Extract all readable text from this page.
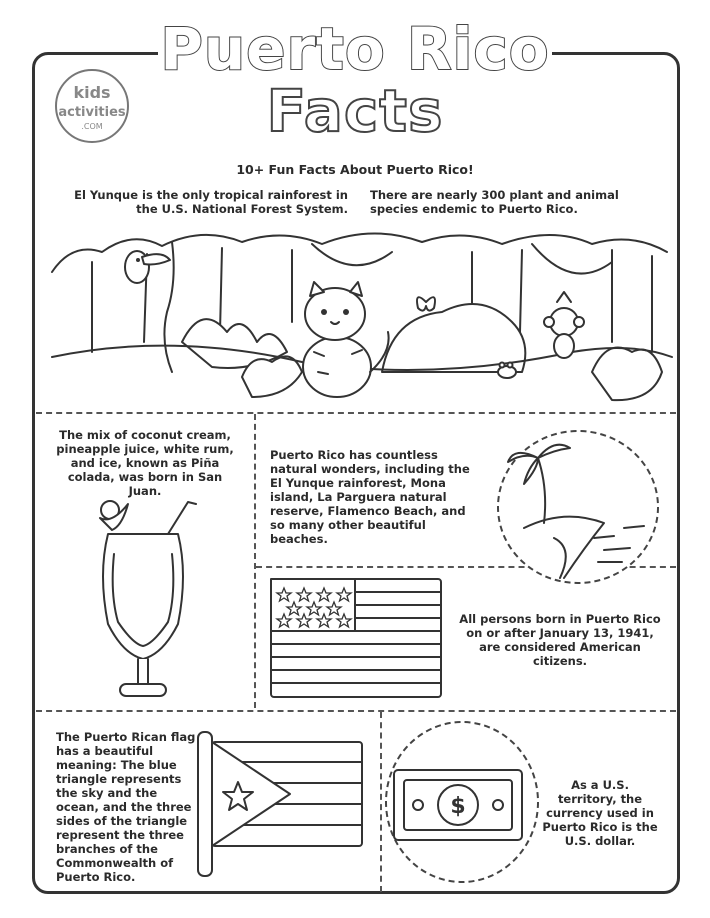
Puerto Rico
Facts
kids
activities
.COM
10+ Fun Facts About Puerto Rico!
El Yunque is the only tropical rainforest in the U.S. National Forest System.
There are nearly 300 plant and animal species endemic to Puerto Rico.
The mix of coconut cream, pineapple juice, white rum, and ice, known as Piña colada, was born in San Juan.
Puerto Rico has countless natural wonders, including the El Yunque rainforest, Mona island, La Parguera natural reserve, Flamenco Beach, and so many other beautiful beaches.
All persons born in Puerto Rico on or after January 13, 1941, are considered American citizens.
The Puerto Rican flag has a beautiful meaning: The blue triangle represents the sky and the ocean, and the three sides of the triangle represent the three branches of the Commonwealth of Puerto Rico.
$
As a U.S. territory, the currency used in Puerto Rico is the U.S. dollar.
